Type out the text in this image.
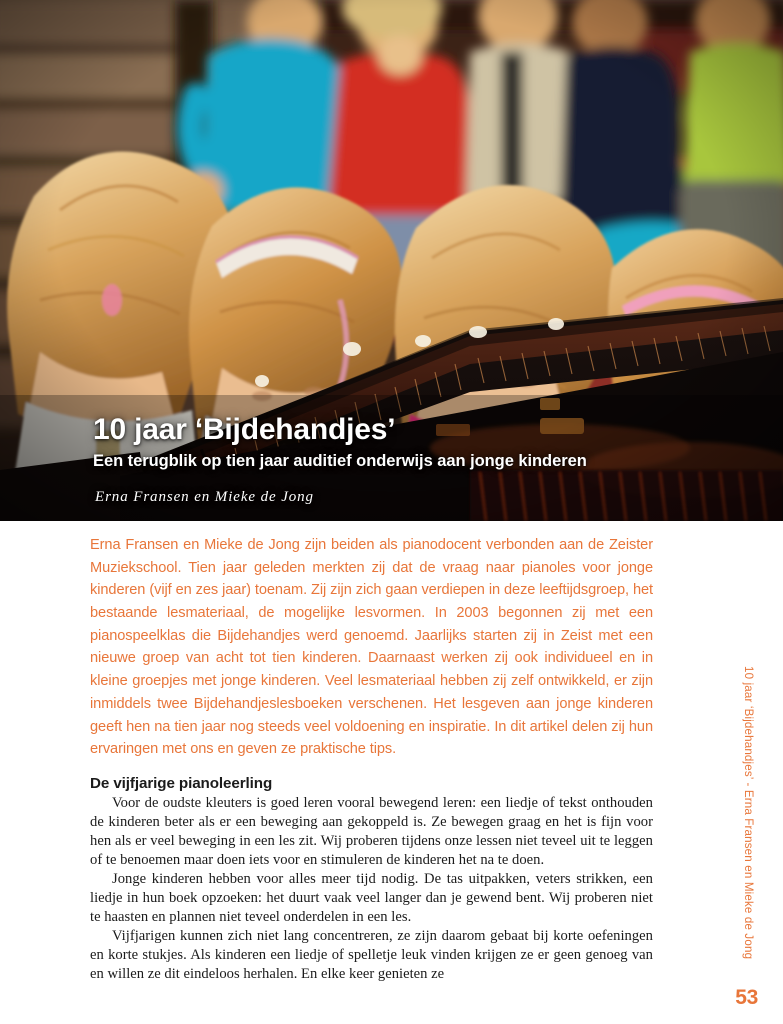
10 jaar ‘Bijdehandjes’

Een terugblik op tien jaar auditief onderwijs aan jonge kinderen

Erna Fransen en Mieke de Jong

Erna Fransen en Mieke de Jong zijn beiden als pianodocent verbonden aan de Zeister Muziekschool. Tien jaar geleden merkten zij dat de vraag naar pianoles voor jonge kinderen (vijf en zes jaar) toenam. Zij zijn zich gaan verdiepen in deze leeftijdsgroep, het bestaande lesmateriaal, de mogelijke lesvormen. In 2003 begonnen zij met een pianospeelklas die Bijdehandjes werd genoemd. Jaarlijks starten zij in Zeist met een nieuwe groep van acht tot tien kinderen. Daarnaast werken zij ook individueel en in kleine groepjes met jonge kinderen. Veel lesmateriaal hebben zij zelf ontwikkeld, er zijn inmiddels twee Bijdehandjeslesboeken verschenen. Het lesgeven aan jonge kinderen geeft hen na tien jaar nog steeds veel voldoening en inspiratie. In dit artikel delen zij hun ervaringen met ons en geven ze praktische tips.

De vijfjarige pianoleerling

Voor de oudste kleuters is goed leren vooral bewegend leren: een liedje of tekst onthouden de kinderen beter als er een beweging aan gekoppeld is. Ze bewegen graag en het is fijn voor hen als er veel beweging in een les zit. Wij proberen tijdens onze lessen niet teveel uit te leggen of te benoemen maar doen iets voor en stimuleren de kinderen het na te doen.

Jonge kinderen hebben voor alles meer tijd nodig. De tas uitpakken, veters strikken, een liedje in hun boek opzoeken: het duurt vaak veel langer dan je gewend bent. Wij proberen niet te haasten en plannen niet teveel onderdelen in een les.

Vijfjarigen kunnen zich niet lang concentreren, ze zijn daarom gebaat bij korte oefeningen en korte stukjes. Als kinderen een liedje of spelletje leuk vinden krijgen ze er geen genoeg van en willen ze dit eindeloos herhalen. En elke keer genieten ze

10 jaar ‘Bijdehandjes’ - Erna Fransen en Mieke de Jong
53
